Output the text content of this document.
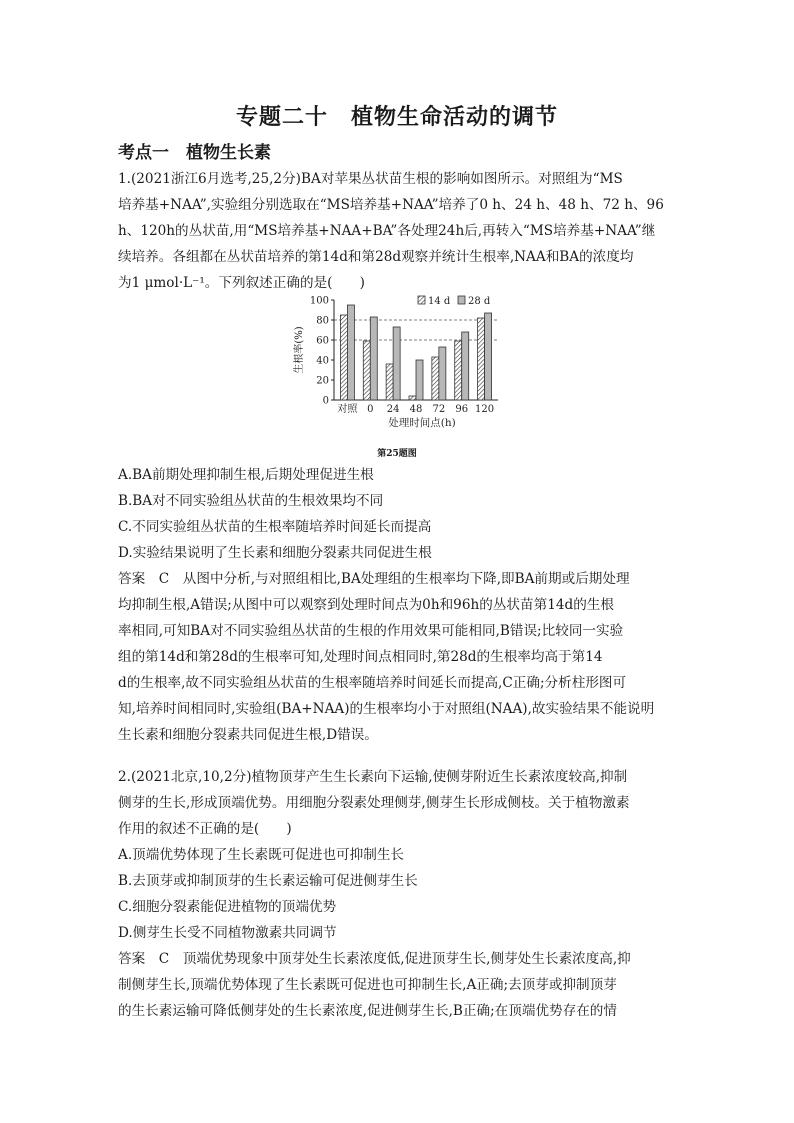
专题二十　植物生命活动的调节
考点一　植物生长素

1.(2021浙江6月选考,25,2分)BA对苹果丛状苗生根的影响如图所示。对照组为“MS

培养基+NAA”,实验组分别选取在“MS培养基+NAA”培养了0 h、24 h、48 h、72 h、96

h、120h的丛状苗,用“MS培养基+NAA+BA”各处理24h后,再转入“MS培养基+NAA”继

续培养。各组都在丛状苗培养的第14d和第28d观察并统计生根率,NAA和BA的浓度均

为1 μmol·L⁻¹。下列叙述正确的是(　　)

0
20
40
60
80
100
生根率(%)
对照 0 24 48 72 96 120
处理时间点(h)
14 d 28 d
第25题图

A.BA前期处理抑制生根,后期处理促进生根

B.BA对不同实验组丛状苗的生根效果均不同

C.不同实验组丛状苗的生根率随培养时间延长而提高

D.实验结果说明了生长素和细胞分裂素共同促进生根

答案　C　从图中分析,与对照组相比,BA处理组的生根率均下降,即BA前期或后期处理

均抑制生根,A错误;从图中可以观察到处理时间点为0h和96h的丛状苗第14d的生根

率相同,可知BA对不同实验组丛状苗的生根的作用效果可能相同,B错误;比较同一实验

组的第14d和第28d的生根率可知,处理时间点相同时,第28d的生根率均高于第14

d的生根率,故不同实验组丛状苗的生根率随培养时间延长而提高,C正确;分析柱形图可

知,培养时间相同时,实验组(BA+NAA)的生根率均小于对照组(NAA),故实验结果不能说明

生长素和细胞分裂素共同促进生根,D错误。

2.(2021北京,10,2分)植物顶芽产生生长素向下运输,使侧芽附近生长素浓度较高,抑制

侧芽的生长,形成顶端优势。用细胞分裂素处理侧芽,侧芽生长形成侧枝。关于植物激素

作用的叙述不正确的是(　　)

A.顶端优势体现了生长素既可促进也可抑制生长

B.去顶芽或抑制顶芽的生长素运输可促进侧芽生长

C.细胞分裂素能促进植物的顶端优势

D.侧芽生长受不同植物激素共同调节

答案　C　顶端优势现象中顶芽处生长素浓度低,促进顶芽生长,侧芽处生长素浓度高,抑

制侧芽生长,顶端优势体现了生长素既可促进也可抑制生长,A正确;去顶芽或抑制顶芽

的生长素运输可降低侧芽处的生长素浓度,促进侧芽生长,B正确;在顶端优势存在的情
